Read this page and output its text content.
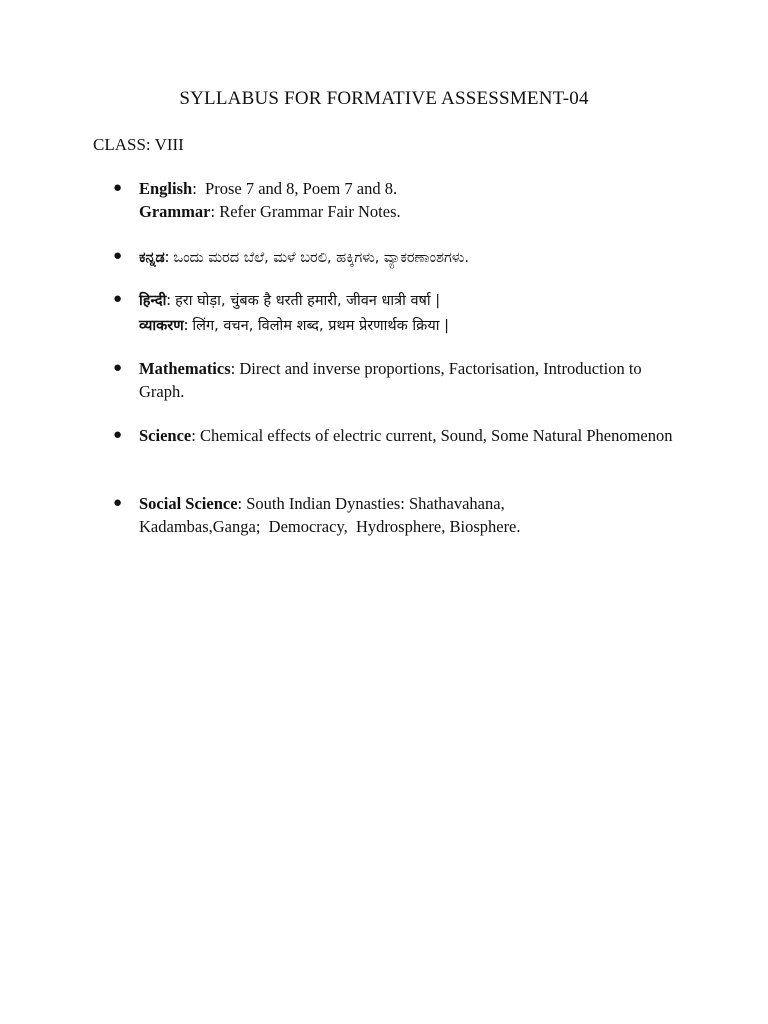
SYLLABUS FOR FORMATIVE ASSESSMENT-04
CLASS: VIII
● English:  Prose 7 and 8, Poem 7 and 8.
Grammar: Refer Grammar Fair Notes.
● ಕನ್ನಡ: ಒಂದು ಮರದ ಬೆಲೆ, ಮಳೆ ಬರಲಿ, ಹಕ್ಕಿಗಳು, ವ್ಯಾಕರಣಾಂಶಗಳು.
● हिन्दी: हरा घोड़ा, चुंबक है धरती हमारी, जीवन धात्री वर्षा |
व्याकरण: लिंग, वचन, विलोम शब्द, प्रथम प्रेरणार्थक क्रिया |
● Mathematics: Direct and inverse proportions, Factorisation, Introduction to Graph.
● Science: Chemical effects of electric current, Sound, Some Natural Phenomenon
● Social Science: South Indian Dynasties: Shathavahana, Kadambas,Ganga;  Democracy,  Hydrosphere, Biosphere.
